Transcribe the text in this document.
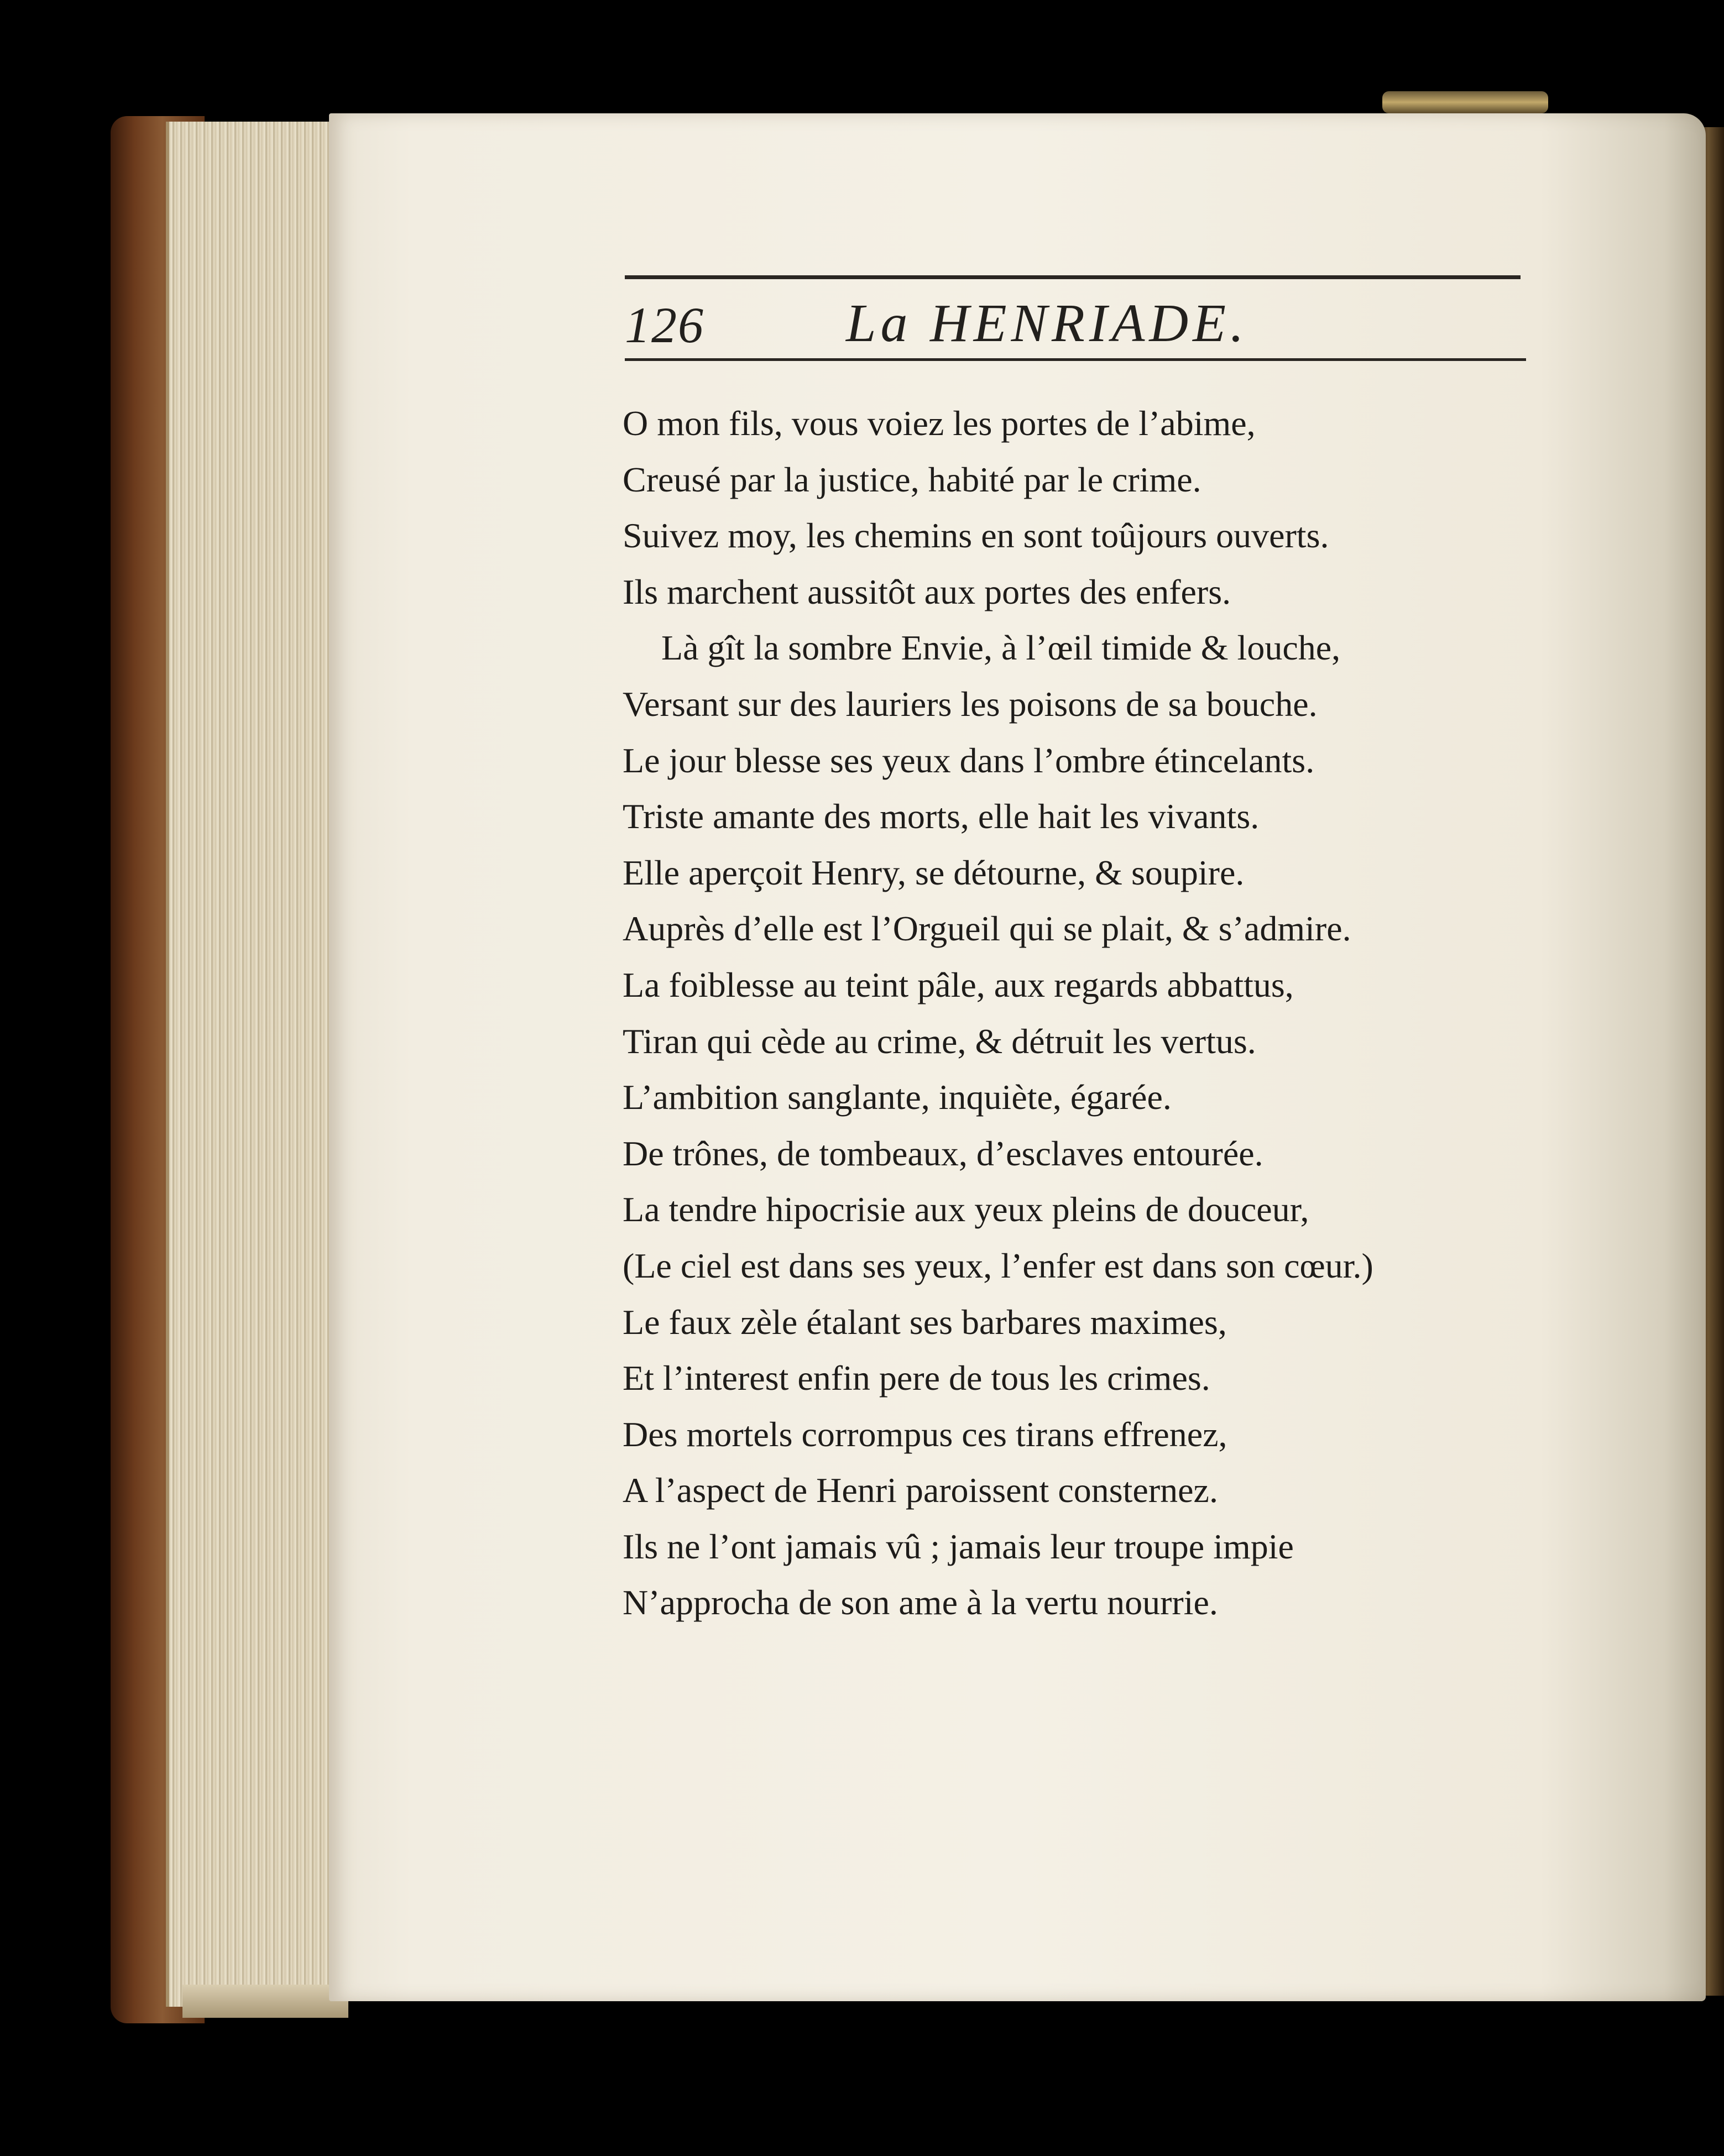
126	La HENRIADE.
O mon fils, vous voiez les portes de l’abime,
Creusé par la justice, habité par le crime.
Suivez moy, les chemins en sont toûjours ouverts.
Ils marchent aussitôt aux portes des enfers.
Là gît la sombre Envie, à l’œil timide & louche,
Versant sur des lauriers les poisons de sa bouche.
Le jour blesse ses yeux dans l’ombre étincelants.
Triste amante des morts, elle hait les vivants.
Elle aperçoit Henry, se détourne, & soupire.
Auprès d’elle est l’Orgueil qui se plait, & s’admire.
La foiblesse au teint pâle, aux regards abbattus,
Tiran qui cède au crime, & détruit les vertus.
L’ambition sanglante, inquiète, égarée.
De trônes, de tombeaux, d’esclaves entourée.
La tendre hipocrisie aux yeux pleins de douceur,
(Le ciel est dans ses yeux, l’enfer est dans son cœur.)
Le faux zèle étalant ses barbares maximes,
Et l’interest enfin pere de tous les crimes.
Des mortels corrompus ces tirans effrenez,
A l’aspect de Henri paroissent consternez.
Ils ne l’ont jamais vû ; jamais leur troupe impie
N’approcha de son ame à la vertu nourrie.
